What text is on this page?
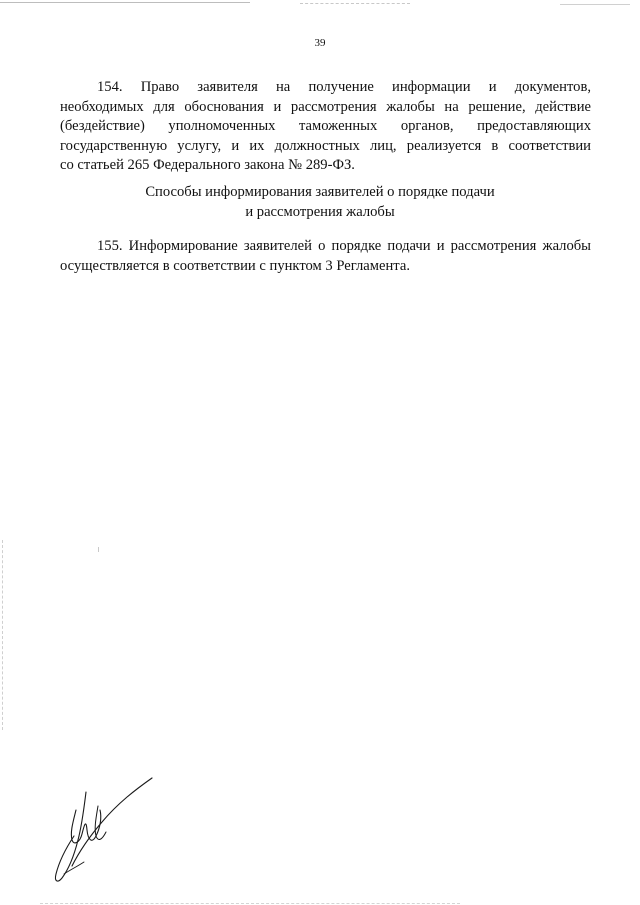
39

154. Право заявителя на получение информации и документов,
необходимых для обоснования и рассмотрения жалобы на решение, действие
(бездействие) уполномоченных таможенных органов, предоставляющих
государственную услугу, и их должностных лиц, реализуется в соответствии
со статьей 265 Федерального закона № 289-ФЗ.

Способы информирования заявителей о порядке подачи
и рассмотрения жалобы

155. Информирование заявителей о порядке подачи и рассмотрения жалобы
осуществляется в соответствии с пунктом 3 Регламента.
